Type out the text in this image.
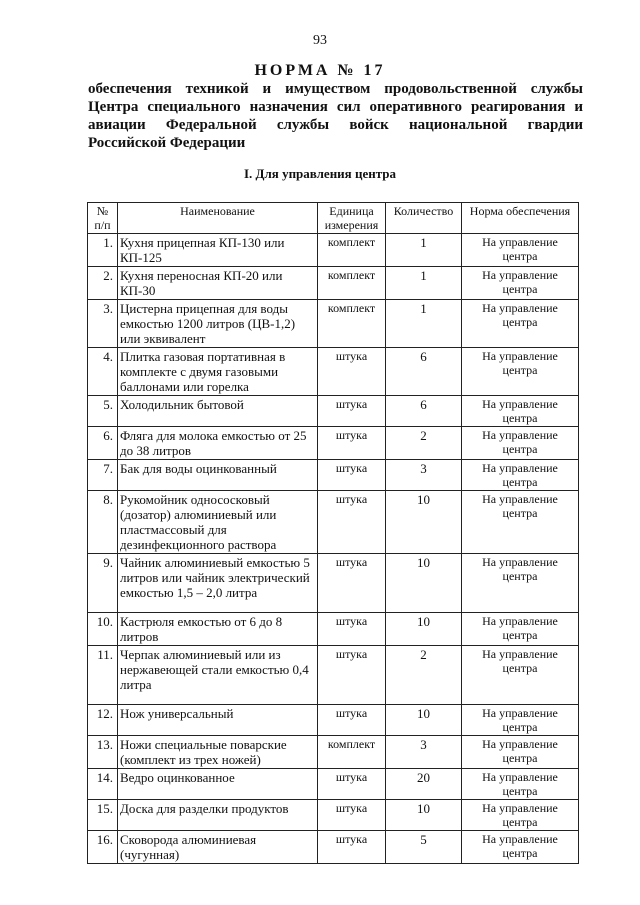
93
НОРМА № 17
обеспечения техникой и имуществом продовольственной службы
Центра специального назначения сил оперативного реагирования и
авиации Федеральной службы войск национальной гвардии
Российской Федерации
I. Для управления центра
№ п/п	Наименование	Единица измерения	Количество	Норма обеспечения
1.	Кухня прицепная КП-130 или КП-125	комплект	1	На управление центра
2.	Кухня переносная КП-20 или КП-30	комплект	1	На управление центра
3.	Цистерна прицепная для воды емкостью 1200 литров (ЦВ-1,2) или эквивалент	комплект	1	На управление центра
4.	Плитка газовая портативная в комплекте с двумя газовыми баллонами или горелка	штука	6	На управление центра
5.	Холодильник бытовой	штука	6	На управление центра
6.	Фляга для молока емкостью от 25 до 38 литров	штука	2	На управление центра
7.	Бак для воды оцинкованный	штука	3	На управление центра
8.	Рукомойник однососковый (дозатор) алюминиевый или пластмассовый для дезинфекционного раствора	штука	10	На управление центра
9.	Чайник алюминиевый емкостью 5 литров или чайник электрический емкостью 1,5 – 2,0 литра	штука	10	На управление центра
10.	Кастрюля емкостью от 6 до 8 литров	штука	10	На управление центра
11.	Черпак алюминиевый или из нержавеющей стали емкостью 0,4 литра	штука	2	На управление центра
12.	Нож универсальный	штука	10	На управление центра
13.	Ножи специальные поварские (комплект из трех ножей)	комплект	3	На управление центра
14.	Ведро оцинкованное	штука	20	На управление центра
15.	Доска для разделки продуктов	штука	10	На управление центра
16.	Сковорода алюминиевая (чугунная)	штука	5	На управление центра
